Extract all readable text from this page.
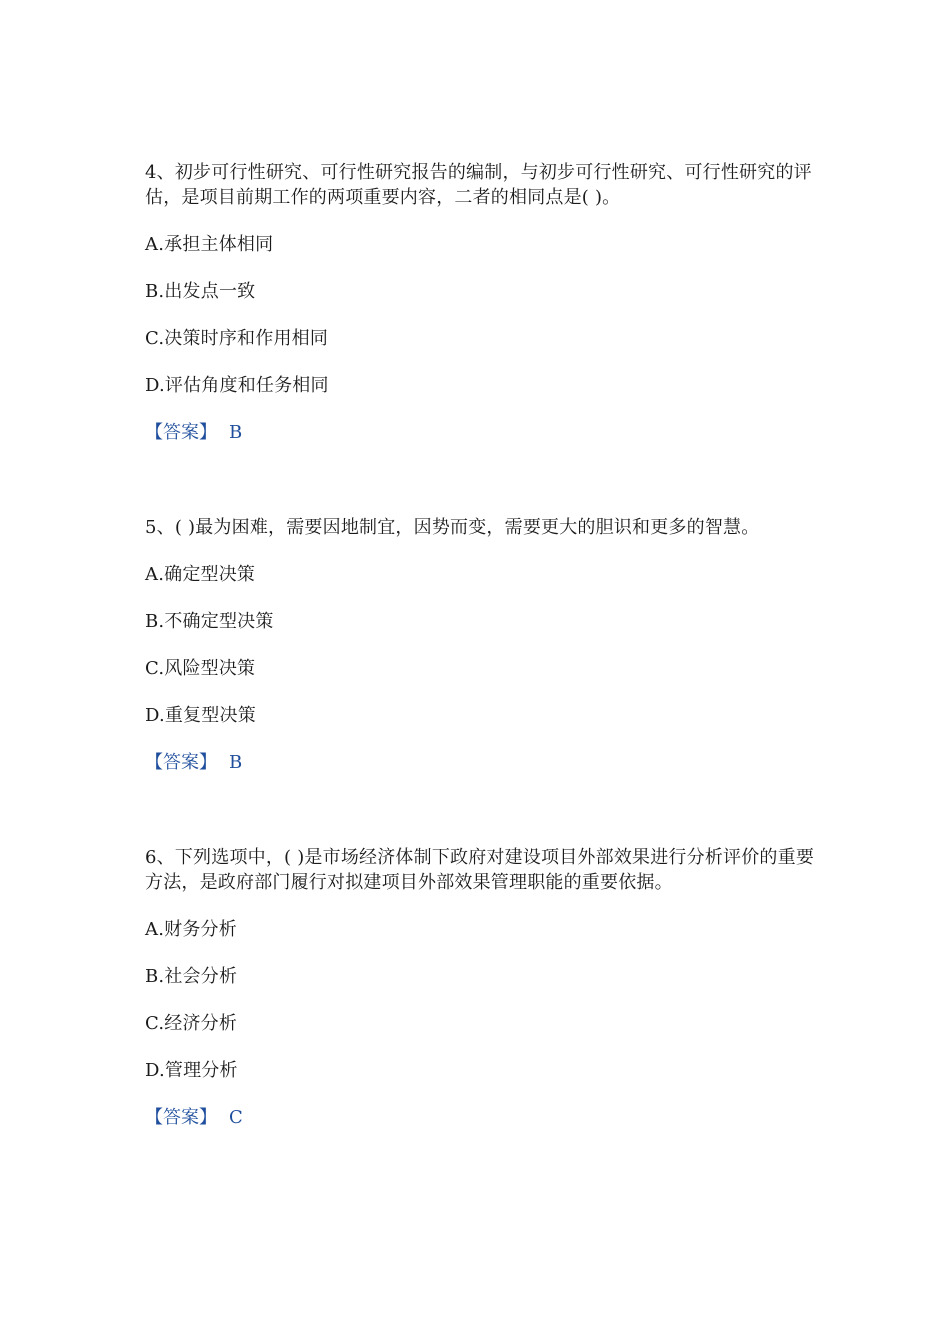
4、初步可行性研究、可行性研究报告的编制，与初步可行性研究、可行性研究的评估，是项目前期工作的两项重要内容，二者的相同点是( )。

A.承担主体相同

B.出发点一致

C.决策时序和作用相同

D.评估角度和任务相同

【答案】 B

5、( )最为困难，需要因地制宜，因势而变，需要更大的胆识和更多的智慧。

A.确定型决策

B.不确定型决策

C.风险型决策

D.重复型决策

【答案】 B

6、下列选项中，( )是市场经济体制下政府对建设项目外部效果进行分析评价的重要方法，是政府部门履行对拟建项目外部效果管理职能的重要依据。

A.财务分析

B.社会分析

C.经济分析

D.管理分析

【答案】 C
